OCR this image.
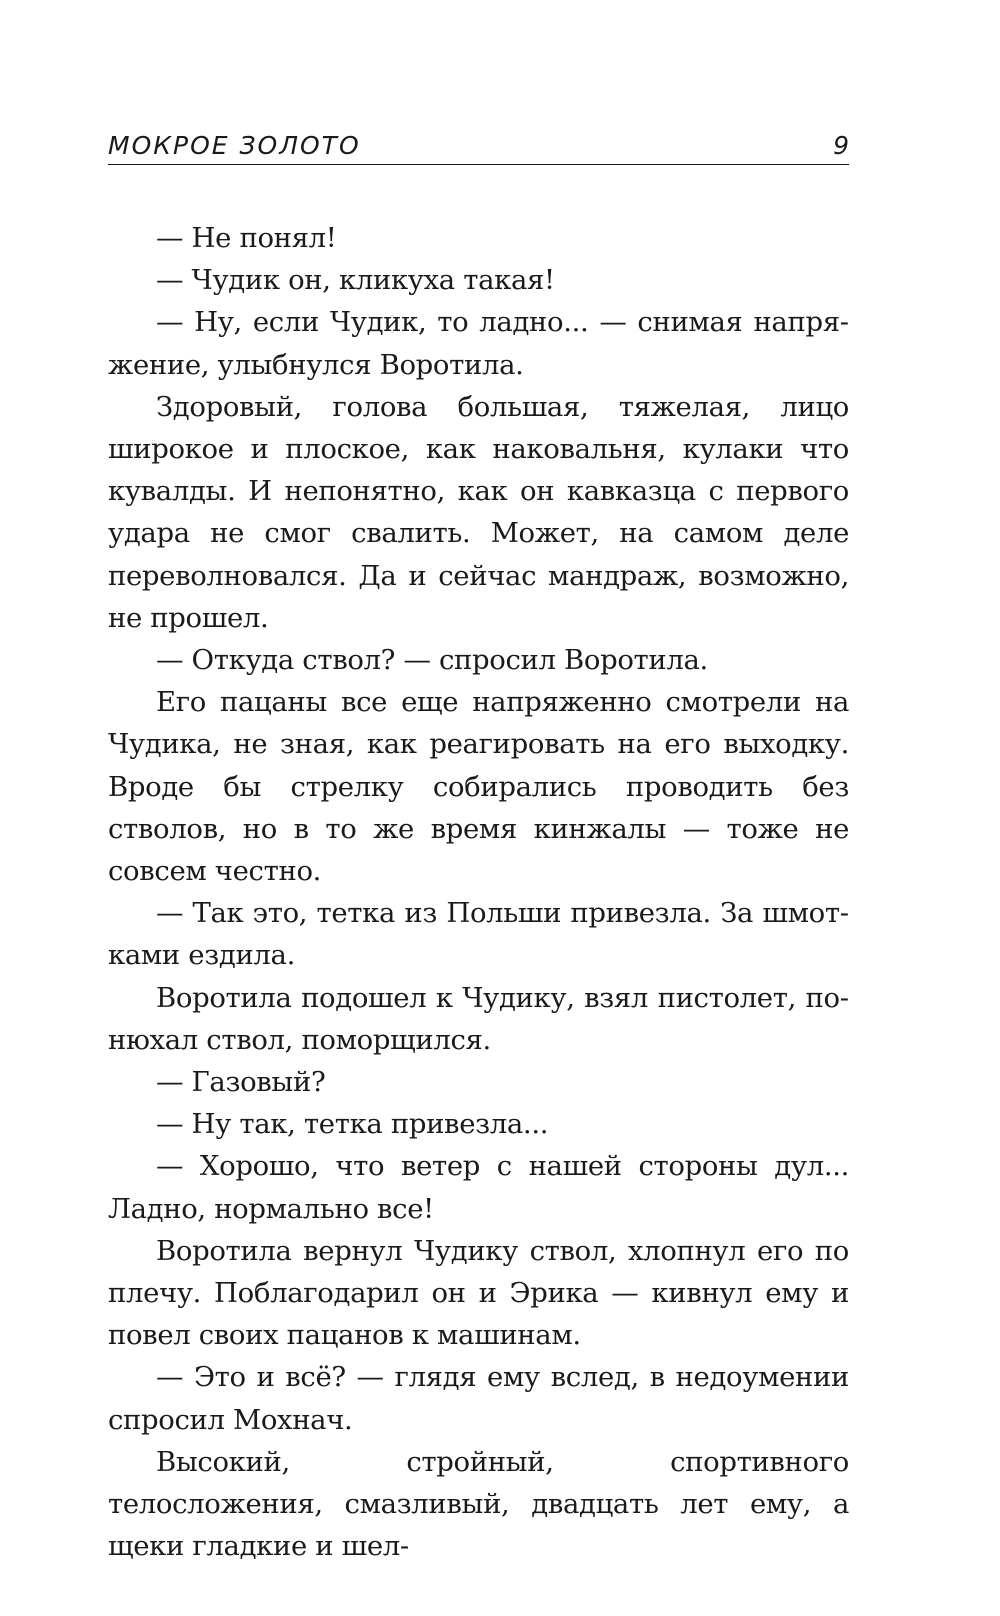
МОКРОЕ ЗОЛОТО	9

— Не понял!

— Чудик он, кликуха такая!

— Ну, если Чудик, то ладно... — снимая напряжение, улыбнулся Воротила.

Здоровый, голова большая, тяжелая, лицо широкое и плоское, как наковальня, кулаки что кувалды. И непонятно, как он кавказца с первого удара не смог свалить. Может, на самом деле переволновался. Да и сейчас мандраж, возможно, не прошел.

— Откуда ствол? — спросил Воротила.

Его пацаны все еще напряженно смотрели на Чудика, не зная, как реагировать на его выходку. Вроде бы стрелку собирались проводить без стволов, но в то же время кинжалы — тоже не совсем честно.

— Так это, тетка из Польши привезла. За шмотками ездила.

Воротила подошел к Чудику, взял пистолет, понюхал ствол, поморщился.

— Газовый?

— Ну так, тетка привезла...

— Хорошо, что ветер с нашей стороны дул... Ладно, нормально все!

Воротила вернул Чудику ствол, хлопнул его по плечу. Поблагодарил он и Эрика — кивнул ему и повел своих пацанов к машинам.

— Это и всё? — глядя ему вслед, в недоумении спросил Мохнач.

Высокий, стройный, спортивного телосложения, смазливый, двадцать лет ему, а щеки гладкие и шел-
